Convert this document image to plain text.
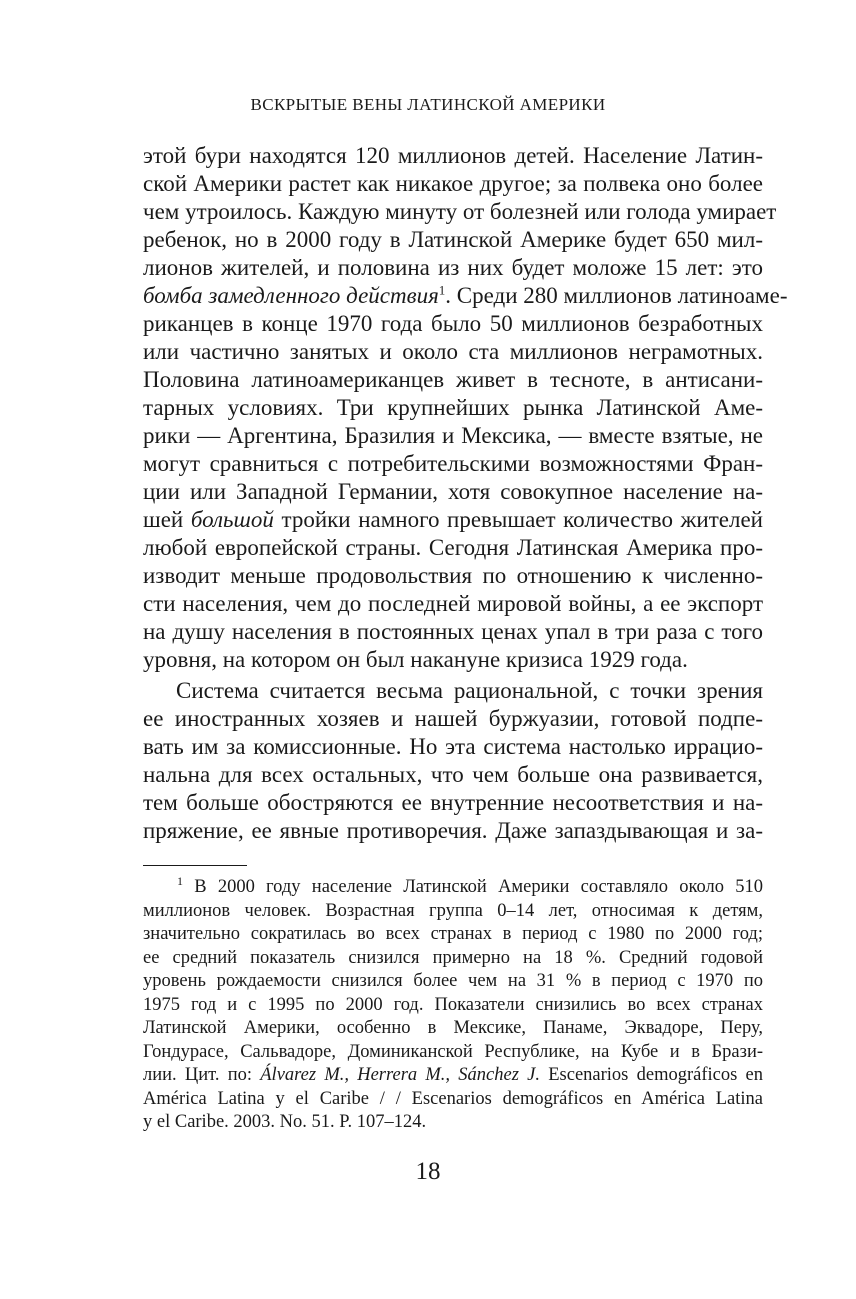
ВСКРЫТЫЕ ВЕНЫ ЛАТИНСКОЙ АМЕРИКИ

этой бури находятся 120 миллионов детей. Население Латин-
ской Америки растет как никакое другое; за полвека оно более
чем утроилось. Каждую минуту от болезней или голода умирает
ребенок, но в 2000 году в Латинской Америке будет 650 мил-
лионов жителей, и половина из них будет моложе 15 лет: это
бомба замедленного действия$^1$. Среди 280 миллионов латиноаме-
риканцев в конце 1970 года было 50 миллионов безработных
или частично занятых и около ста миллионов неграмотных.
Половина латиноамериканцев живет в тесноте, в антисани-
тарных условиях. Три крупнейших рынка Латинской Аме-
рики — Аргентина, Бразилия и Мексика, — вместе взятые, не
могут сравниться с потребительскими возможностями Фран-
ции или Западной Германии, хотя совокупное население на-
шей большой тройки намного превышает количество жителей
любой европейской страны. Сегодня Латинская Америка про-
изводит меньше продовольствия по отношению к численно-
сти населения, чем до последней мировой войны, а ее экспорт
на душу населения в постоянных ценах упал в три раза с того
уровня, на котором он был накануне кризиса 1929 года.

Система считается весьма рациональной, с точки зрения
ее иностранных хозяев и нашей буржуазии, готовой подпе-
вать им за комиссионные. Но эта система настолько иррацио-
нальна для всех остальных, что чем больше она развивается,
тем больше обостряются ее внутренние несоответствия и на-
пряжение, ее явные противоречия. Даже запаздывающая и за-

$^1$ В 2000 году население Латинской Америки составляло около 510
миллионов человек. Возрастная группа 0–14 лет, относимая к детям,
значительно сократилась во всех странах в период с 1980 по 2000 год;
ее средний показатель снизился примерно на 18 %. Средний годовой
уровень рождаемости снизился более чем на 31 % в период с 1970 по
1975 год и с 1995 по 2000 год. Показатели снизились во всех странах
Латинской Америки, особенно в Мексике, Панаме, Эквадоре, Перу,
Гондурасе, Сальвадоре, Доминиканской Республике, на Кубе и в Брази-
лии. Цит. по: Álvarez M., Herrera M., Sánchez J. Escenarios demográficos en
América Latina y el Caribe / / Escenarios demográficos en América Latina
y el Caribe. 2003. No. 51. P. 107–124.
18
